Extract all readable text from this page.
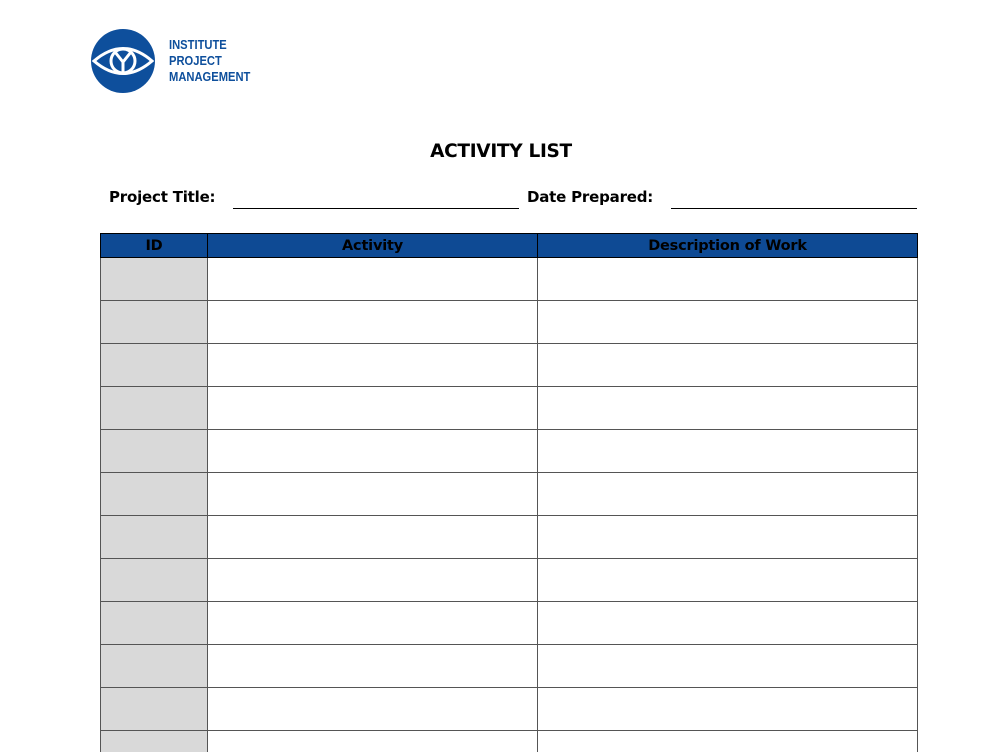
INSTITUTE
PROJECT
MANAGEMENT
ACTIVITY LIST
Project Title:	Date Prepared:
ID	Activity	Description of Work
